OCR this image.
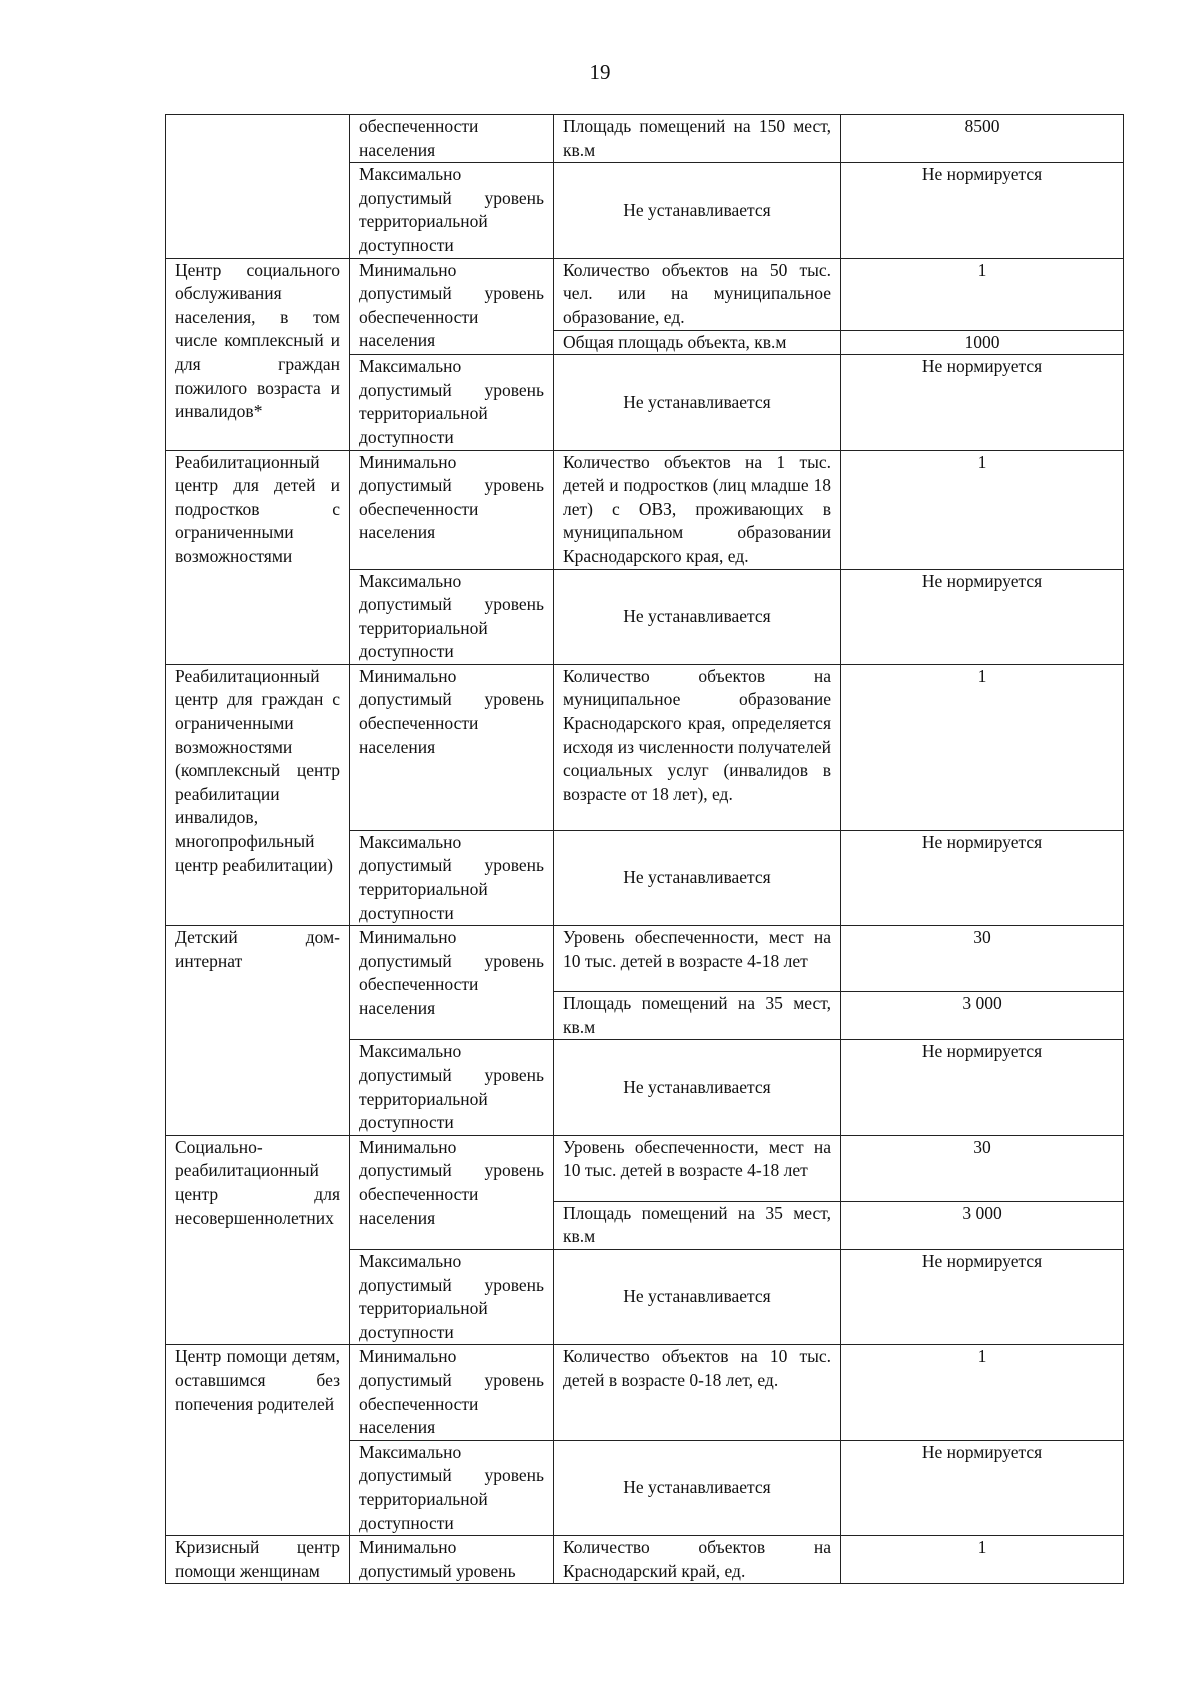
19
	обеспеченности населения	Площадь помещений на 150 мест, кв.м	8500
	Максимально допустимый уровень территориальной доступности	Не устанавливается	Не нормируется
Центр социального обслуживания населения, в том числе комплексный и для граждан пожилого возраста и инвалидов*	Минимально допустимый уровень обеспеченности населения	Количество объектов на 50 тыс. чел. или на муниципальное образование, ед.	1
		Общая площадь объекта, кв.м	1000
	Максимально допустимый уровень территориальной доступности	Не устанавливается	Не нормируется
Реабилитационный центр для детей и подростков с ограниченными возможностями	Минимально допустимый уровень обеспеченности населения	Количество объектов на 1 тыс. детей и подростков (лиц младше 18 лет) с ОВЗ, проживающих в муниципальном образовании Краснодарского края, ед.	1
	Максимально допустимый уровень территориальной доступности	Не устанавливается	Не нормируется
Реабилитационный центр для граждан с ограниченными возможностями (комплексный центр реабилитации инвалидов, многопрофильный центр реабилитации)	Минимально допустимый уровень обеспеченности населения	Количество объектов на муниципальное образование Краснодарского края, определяется исходя из численности получателей социальных услуг (инвалидов в возрасте от 18 лет), ед.	1
	Максимально допустимый уровень территориальной доступности	Не устанавливается	Не нормируется
Детский дом-интернат	Минимально допустимый уровень обеспеченности населения	Уровень обеспеченности, мест на 10 тыс. детей в возрасте 4-18 лет	30
		Площадь помещений на 35 мест, кв.м	3 000
	Максимально допустимый уровень территориальной доступности	Не устанавливается	Не нормируется
Социально-реабилитационный центр для несовершеннолетних	Минимально допустимый уровень обеспеченности населения	Уровень обеспеченности, мест на 10 тыс. детей в возрасте 4-18 лет	30
		Площадь помещений на 35 мест, кв.м	3 000
	Максимально допустимый уровень территориальной доступности	Не устанавливается	Не нормируется
Центр помощи детям, оставшимся без попечения родителей	Минимально допустимый уровень обеспеченности населения	Количество объектов на 10 тыс. детей в возрасте 0-18 лет, ед.	1
	Максимально допустимый уровень территориальной доступности	Не устанавливается	Не нормируется
Кризисный центр помощи женщинам	Минимально допустимый уровень	Количество объектов на Краснодарский край, ед.	1
